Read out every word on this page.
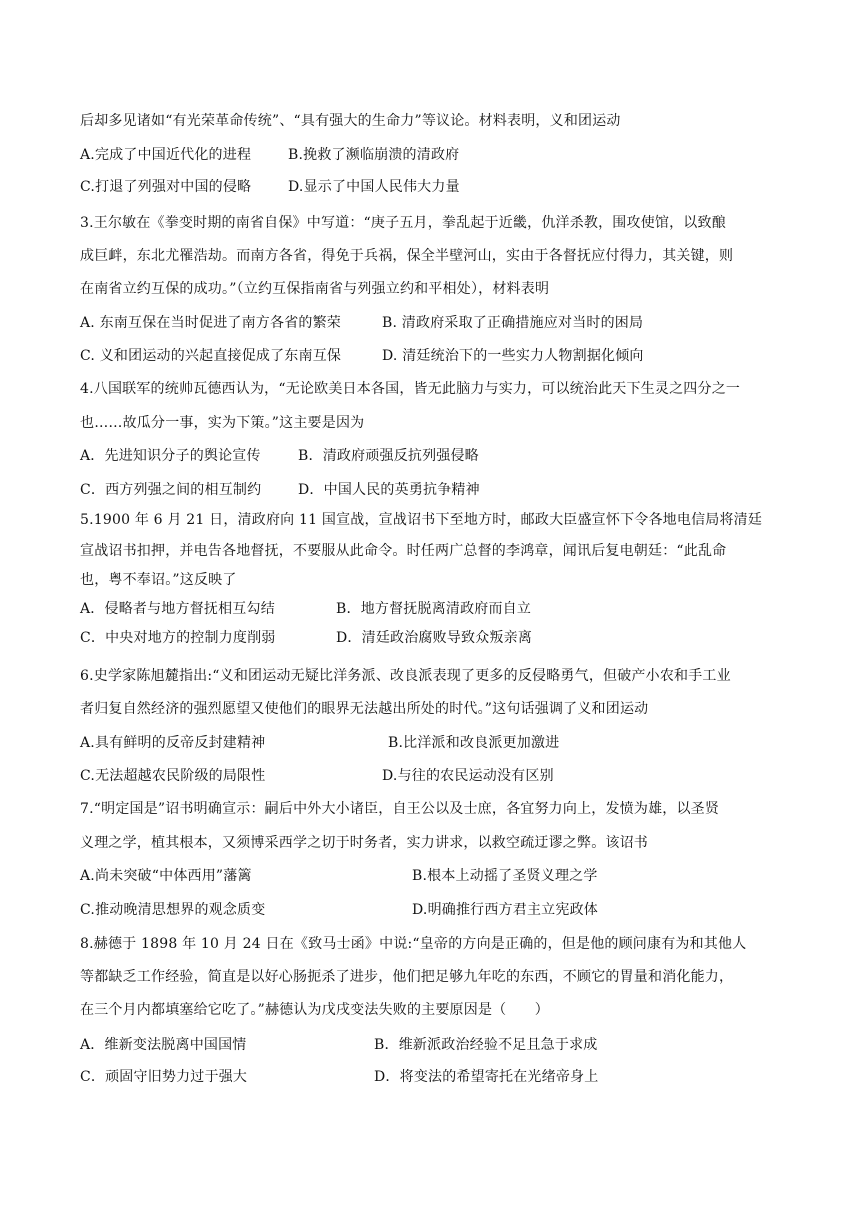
后却多见诸如“有光荣革命传统”、“具有强大的生命力”等议论。材料表明，义和团运动
A.完成了中国近代化的进程	B.挽救了濒临崩溃的清政府
C.打退了列强对中国的侵略	D.显示了中国人民伟大力量
3.王尔敏在《拳变时期的南省自保》中写道：“庚子五月，拳乱起于近畿，仇洋杀教，围攻使馆，以致酿
成巨衅，东北尤罹浩劫。而南方各省，得免于兵祸，保全半壁河山，实由于各督抚应付得力，其关键，则
在南省立约互保的成功。”（立约互保指南省与列强立约和平相处），材料表明
A. 东南互保在当时促进了南方各省的繁荣	B. 清政府采取了正确措施应对当时的困局
C. 义和团运动的兴起直接促成了东南互保	D. 清廷统治下的一些实力人物割据化倾向
4.八国联军的统帅瓦德西认为，“无论欧美日本各国，皆无此脑力与实力，可以统治此天下生灵之四分之一
也……故瓜分一事，实为下策。”这主要是因为
A．先进知识分子的舆论宣传	B．清政府顽强反抗列强侵略
C．西方列强之间的相互制约	D．中国人民的英勇抗争精神
5.1900 年 6 月 21 日，清政府向 11 国宣战，宣战诏书下至地方时，邮政大臣盛宣怀下令各地电信局将清廷
宣战诏书扣押，并电告各地督抚，不要服从此命令。时任两广总督的李鸿章，闻讯后复电朝廷：“此乱命
也，粤不奉诏。”这反映了
A．侵略者与地方督抚相互勾结	B．地方督抚脱离清政府而自立
C．中央对地方的控制力度削弱	D．清廷政治腐败导致众叛亲离
6.史学家陈旭麓指出:“义和团运动无疑比洋务派、改良派表现了更多的反侵略勇气，但破产小农和手工业
者归复自然经济的强烈愿望又使他们的眼界无法越出所处的时代。”这句话强调了义和团运动
A.具有鲜明的反帝反封建精神	B.比洋派和改良派更加激进
C.无法超越农民阶级的局限性	D.与往的农民运动没有区别
7.“明定国是”诏书明确宣示：嗣后中外大小诸臣，自王公以及士庶，各宜努力向上，发愤为雄，以圣贤
义理之学，植其根本，又须博采西学之切于时务者，实力讲求，以救空疏迂谬之弊。该诏书
A.尚未突破“中体西用”藩篱	B.根本上动摇了圣贤义理之学
C.推动晚清思想界的观念质变	D.明确推行西方君主立宪政体
8.赫德于 1898 年 10 月 24 日在《致马士函》中说:“皇帝的方向是正确的，但是他的顾问康有为和其他人
等都缺乏工作经验，简直是以好心肠扼杀了进步，他们把足够九年吃的东西，不顾它的胃量和消化能力，
在三个月内都填塞给它吃了。”赫德认为戊戌变法失败的主要原因是（　　）
A．维新变法脱离中国国情	B．维新派政治经验不足且急于求成
C．顽固守旧势力过于强大	D．将变法的希望寄托在光绪帝身上
